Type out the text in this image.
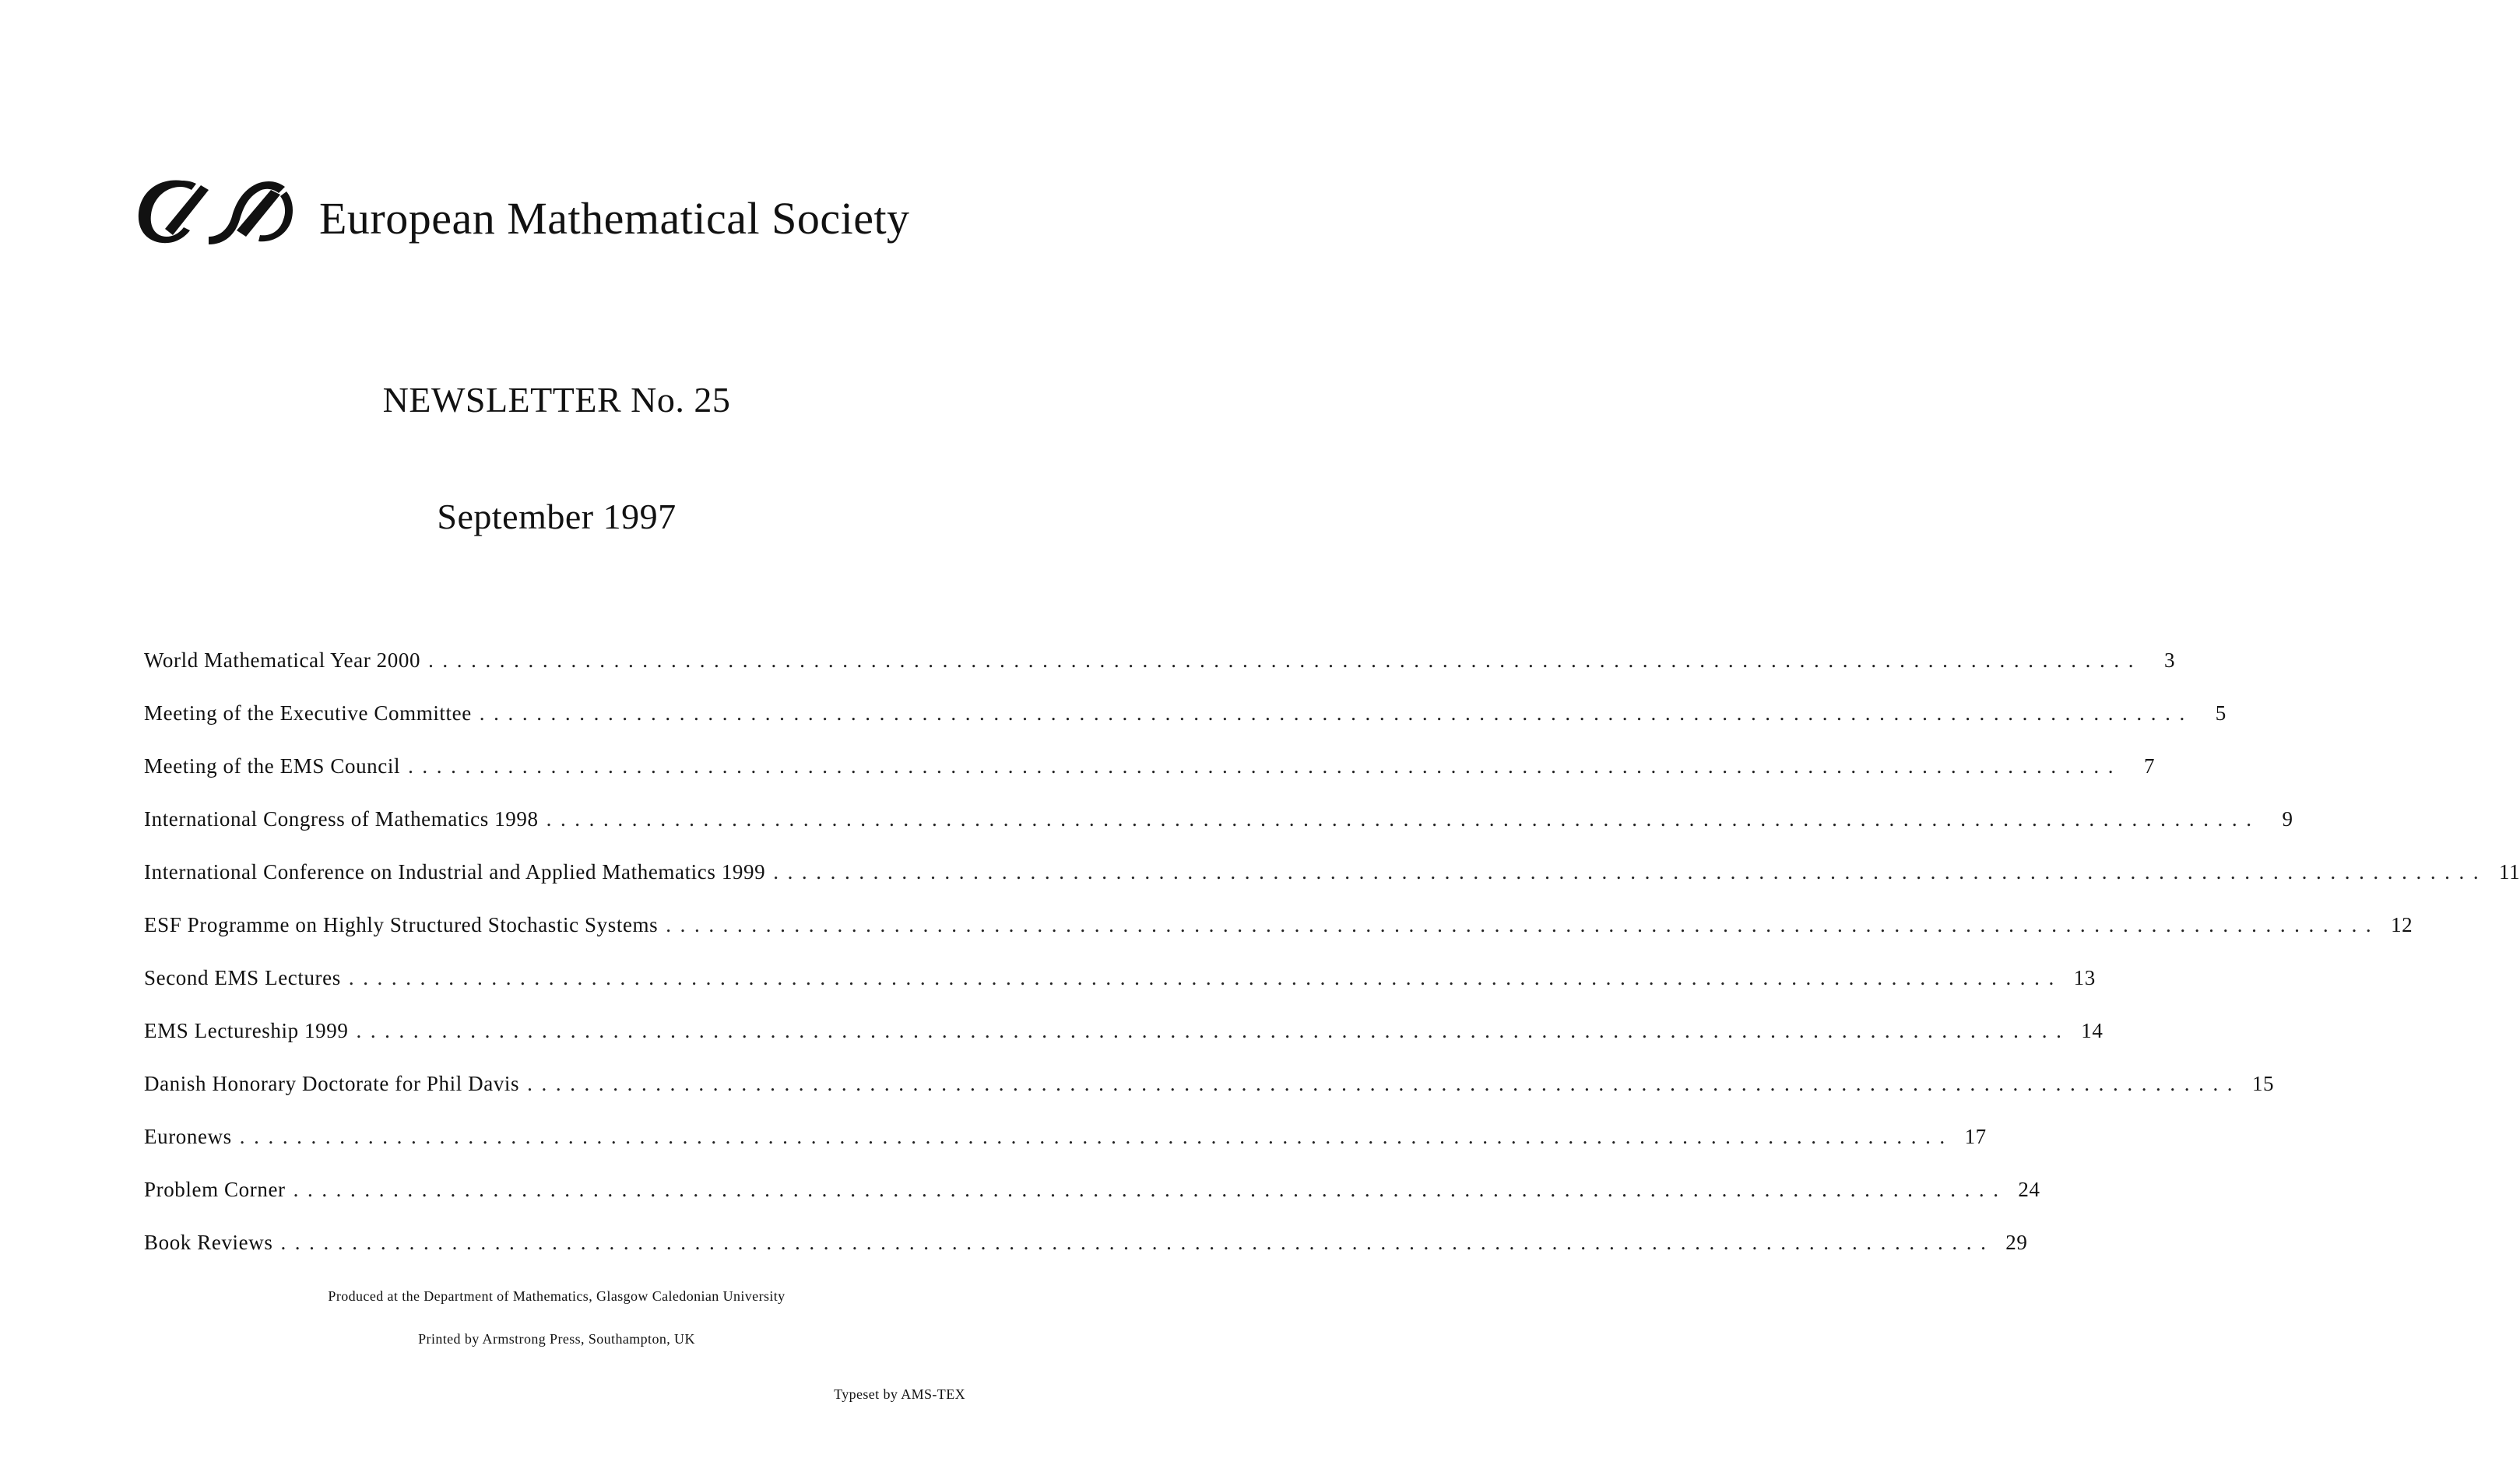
European Mathematical Society
NEWSLETTER No. 25
September 1997
World Mathematical Year 2000 ........................................................................................................................	3
Meeting of the Executive Committee ........................................................................................................................	5
Meeting of the EMS Council ........................................................................................................................	7
International Congress of Mathematics 1998 ........................................................................................................................	9
International Conference on Industrial and Applied Mathematics 1999 ........................................................................................................................ 11
ESF Programme on Highly Structured Stochastic Systems ........................................................................................................................ 12
Second EMS Lectures ........................................................................................................................ 13
EMS Lectureship 1999 ........................................................................................................................ 14
Danish Honorary Doctorate for Phil Davis ........................................................................................................................ 15
Euronews ........................................................................................................................ 17
Problem Corner ........................................................................................................................ 24
Book Reviews ........................................................................................................................ 29
Produced at the Department of Mathematics, Glasgow Caledonian University
Printed by Armstrong Press, Southampton, UK
Typeset by AMS-TEX
